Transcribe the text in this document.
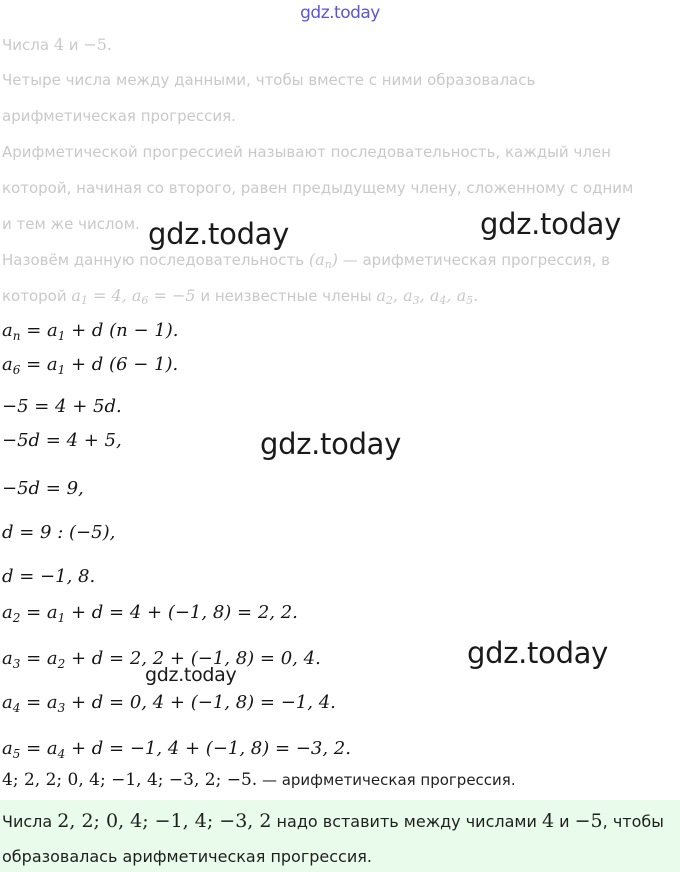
gdz.today
Числа 4 и −5.
Четыре числа между данными, чтобы вместе с ними образовалась
арифметическая прогрессия.
Арифметической прогрессией называют последовательность, каждый член
которой, начиная со второго, равен предыдущему члену, сложенному с одним
и тем же числом.
Назовём данную последовательность (an) — арифметическая прогрессия, в
которой a1 = 4, a6 = −5 и неизвестные члены a2, a3, a4, a5.
$a_n = a_1 + d$ (n − 1).
$a_6 = a_1 + d$ (6 − 1).
−5 = 4 + 5d.
−5d = 4 + 5,
−5d = 9,
d = 9 : (−5),
d = −1, 8.
$a_2 = a_1 + d = 4 + (-1$, 8) = 2, 2.
$a_3 = a_2 + d = 2$, 2 + (−1, 8) = 0, 4.
$a_4 = a_3 + d = 0$, 4 + (−1, 8) = −1, 4.
$a_5 = a_4 + d = -1$, 4 + (−1, 8) = −3, 2.
4; 2, 2; 0, 4; −1, 4; −3, 2; −5. — арифметическая прогрессия.
Числа 2, 2; 0, 4; −1, 4; −3, 2 надо вставить между числами 4 и −5, чтобы
образовалась арифметическая прогрессия.
gdz.today	gdz.today
gdz.today
gdz.today
gdz.today
